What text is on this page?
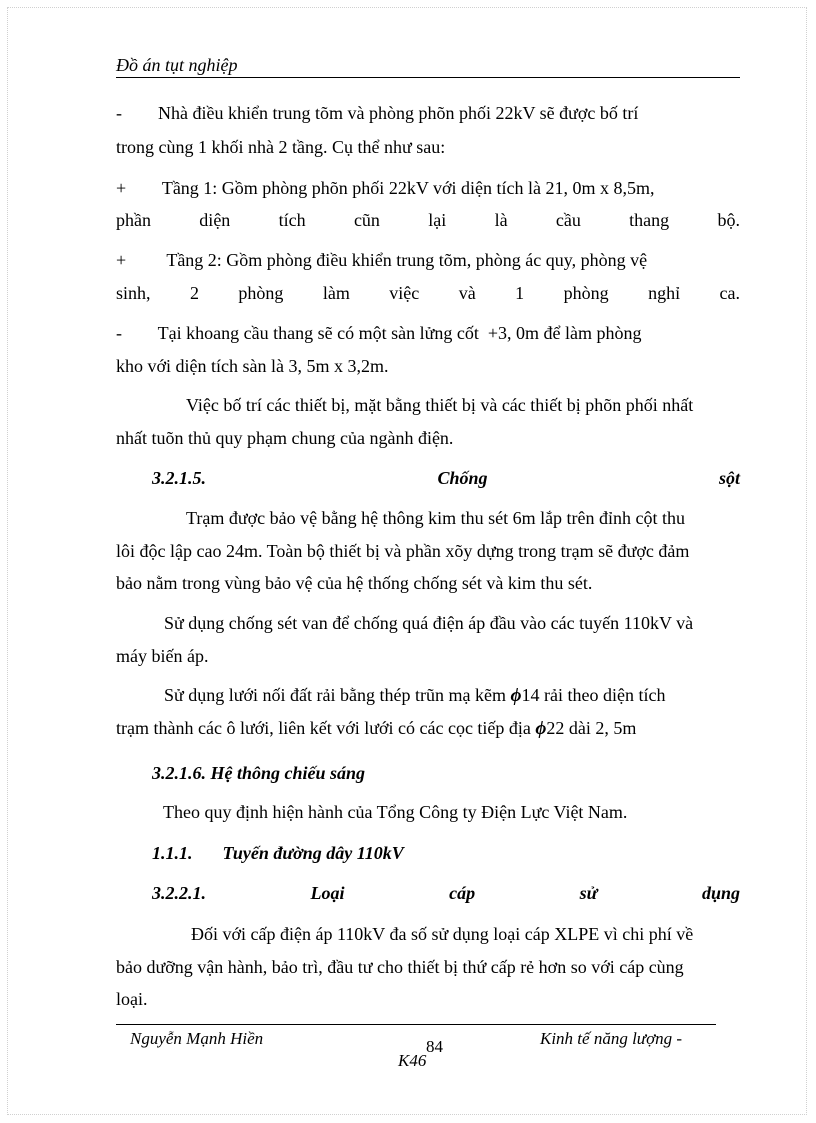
Đồ án tụt nghiệp

-        Nhà điều khiển trung tõm và phòng phõn phối 22kV sẽ được bố trí

trong cùng 1 khối nhà 2 tầng. Cụ thể như sau:

+        Tầng 1: Gồm phòng phõn phối 22kV với diện tích là 21, 0m x 8,5m,

phần diện tích cũn lại là cầu thang bộ.

+         Tầng 2: Gồm phòng điều khiển trung tõm, phòng ác quy, phòng vệ

sinh, 2 phòng làm việc và 1 phòng nghỉ ca.

-        Tại khoang cầu thang sẽ có một sàn lửng cốt  +3, 0m để làm phòng

kho với diện tích sàn là 3, 5m x 3,2m.

Việc bố trí các thiết bị, mặt bằng thiết bị và các thiết bị phõn phối nhất

nhất tuõn thủ quy phạm chung của ngành điện.

3.2.1.5. Chống sột

Trạm được bảo vệ bằng hệ thông kim thu sét 6m lắp trên đỉnh cột thu

lôi độc lập cao 24m. Toàn bộ thiết bị và phần xõy dựng trong trạm sẽ được đảm

bảo nằm trong vùng bảo vệ của hệ thống chống sét và kim thu sét.

Sử dụng chống sét van để chống quá điện áp đầu vào các tuyến 110kV và

máy biến áp.

Sử dụng lưới nối đất rải bằng thép trũn mạ kẽm ϕ14 rải theo diện tích

trạm thành các ô lưới, liên kết với lưới có các cọc tiếp địa ϕ22 dài 2, 5m

3.2.1.6. Hệ thông chiếu sáng

Theo quy định hiện hành của Tổng Công ty Điện Lực Việt Nam.

1.1.1. Tuyến đường dây 110kV

3.2.2.1. Loại cáp sử dụng

Đối với cấp điện áp 110kV đa số sử dụng loại cáp XLPE vì chi phí về

bảo dưỡng vận hành, bảo trì, đầu tư cho thiết bị thứ cấp rẻ hơn so với cáp cùng

loại.

Nguyễn Mạnh Hiền	84	Kinh tế năng lượng -
K46
